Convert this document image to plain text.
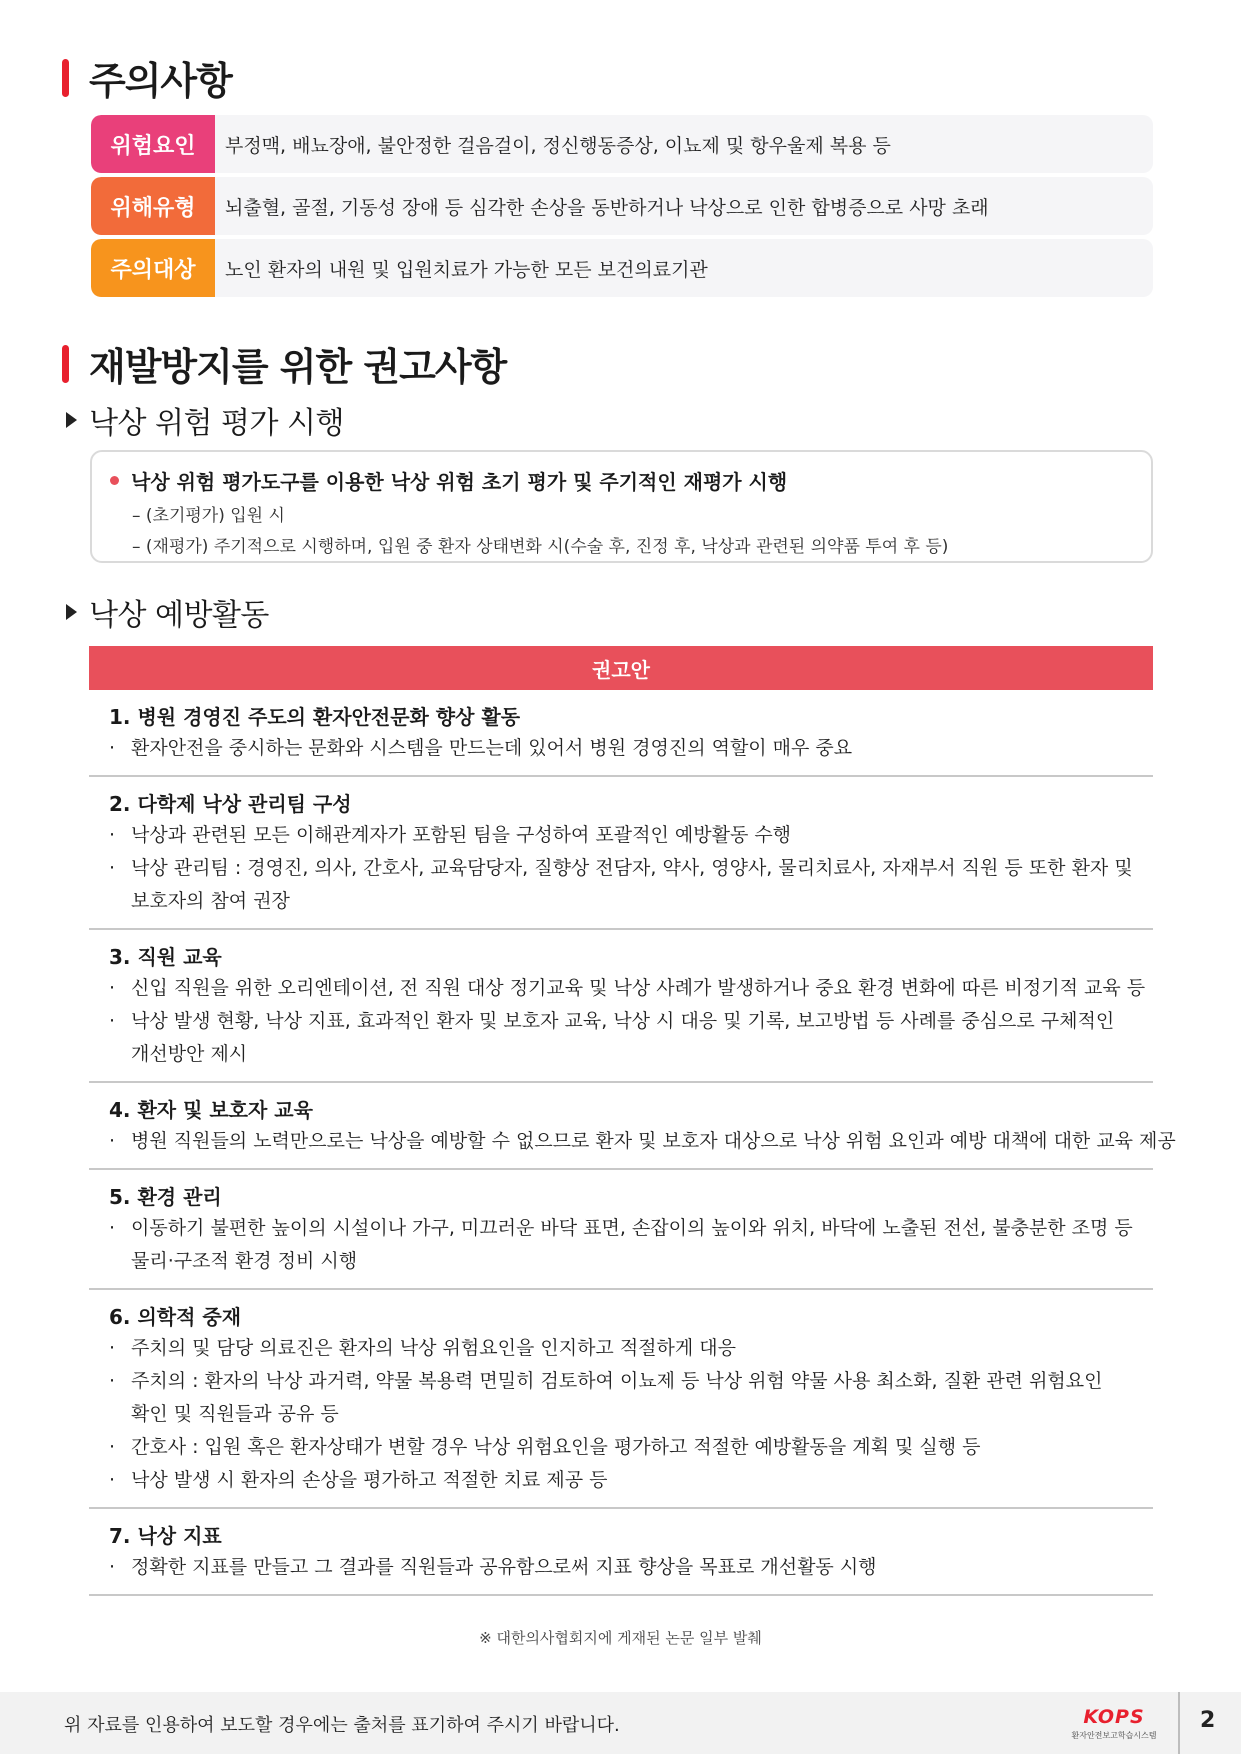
주의사항
위험요인	부정맥, 배뇨장애, 불안정한 걸음걸이, 정신행동증상, 이뇨제 및 항우울제 복용 등
위해유형	뇌출혈, 골절, 기동성 장애 등 심각한 손상을 동반하거나 낙상으로 인한 합병증으로 사망 초래
주의대상	노인 환자의 내원 및 입원치료가 가능한 모든 보건의료기관
재발방지를 위한 권고사항
낙상 위험 평가 시행
낙상 위험 평가도구를 이용한 낙상 위험 초기 평가 및 주기적인 재평가 시행
– (초기평가) 입원 시
– (재평가) 주기적으로 시행하며, 입원 중 환자 상태변화 시(수술 후, 진정 후, 낙상과 관련된 의약품 투여 후 등)
낙상 예방활동
권고안
1. 병원 경영진 주도의 환자안전문화 향상 활동
· 환자안전을 중시하는 문화와 시스템을 만드는데 있어서 병원 경영진의 역할이 매우 중요
2. 다학제 낙상 관리팀 구성
· 낙상과 관련된 모든 이해관계자가 포함된 팀을 구성하여 포괄적인 예방활동 수행
· 낙상 관리팀 : 경영진, 의사, 간호사, 교육담당자, 질향상 전담자, 약사, 영양사, 물리치료사, 자재부서 직원 등 또한 환자 및
보호자의 참여 권장
3. 직원 교육
· 신입 직원을 위한 오리엔테이션, 전 직원 대상 정기교육 및 낙상 사례가 발생하거나 중요 환경 변화에 따른 비정기적 교육 등
· 낙상 발생 현황, 낙상 지표, 효과적인 환자 및 보호자 교육, 낙상 시 대응 및 기록, 보고방법 등 사례를 중심으로 구체적인
개선방안 제시
4. 환자 및 보호자 교육
· 병원 직원들의 노력만으로는 낙상을 예방할 수 없으므로 환자 및 보호자 대상으로 낙상 위험 요인과 예방 대책에 대한 교육 제공
5. 환경 관리
· 이동하기 불편한 높이의 시설이나 가구, 미끄러운 바닥 표면, 손잡이의 높이와 위치, 바닥에 노출된 전선, 불충분한 조명 등
물리·구조적 환경 정비 시행
6. 의학적 중재
· 주치의 및 담당 의료진은 환자의 낙상 위험요인을 인지하고 적절하게 대응
· 주치의 : 환자의 낙상 과거력, 약물 복용력 면밀히 검토하여 이뇨제 등 낙상 위험 약물 사용 최소화, 질환 관련 위험요인
확인 및 직원들과 공유 등
· 간호사 : 입원 혹은 환자상태가 변할 경우 낙상 위험요인을 평가하고 적절한 예방활동을 계획 및 실행 등
· 낙상 발생 시 환자의 손상을 평가하고 적절한 치료 제공 등
7. 낙상 지표
· 정확한 지표를 만들고 그 결과를 직원들과 공유함으로써 지표 향상을 목표로 개선활동 시행
※ 대한의사협회지에 게재된 논문 일부 발췌
위 자료를 인용하여 보도할 경우에는 출처를 표기하여 주시기 바랍니다.	KOPS
환자안전보고학습시스템
2
